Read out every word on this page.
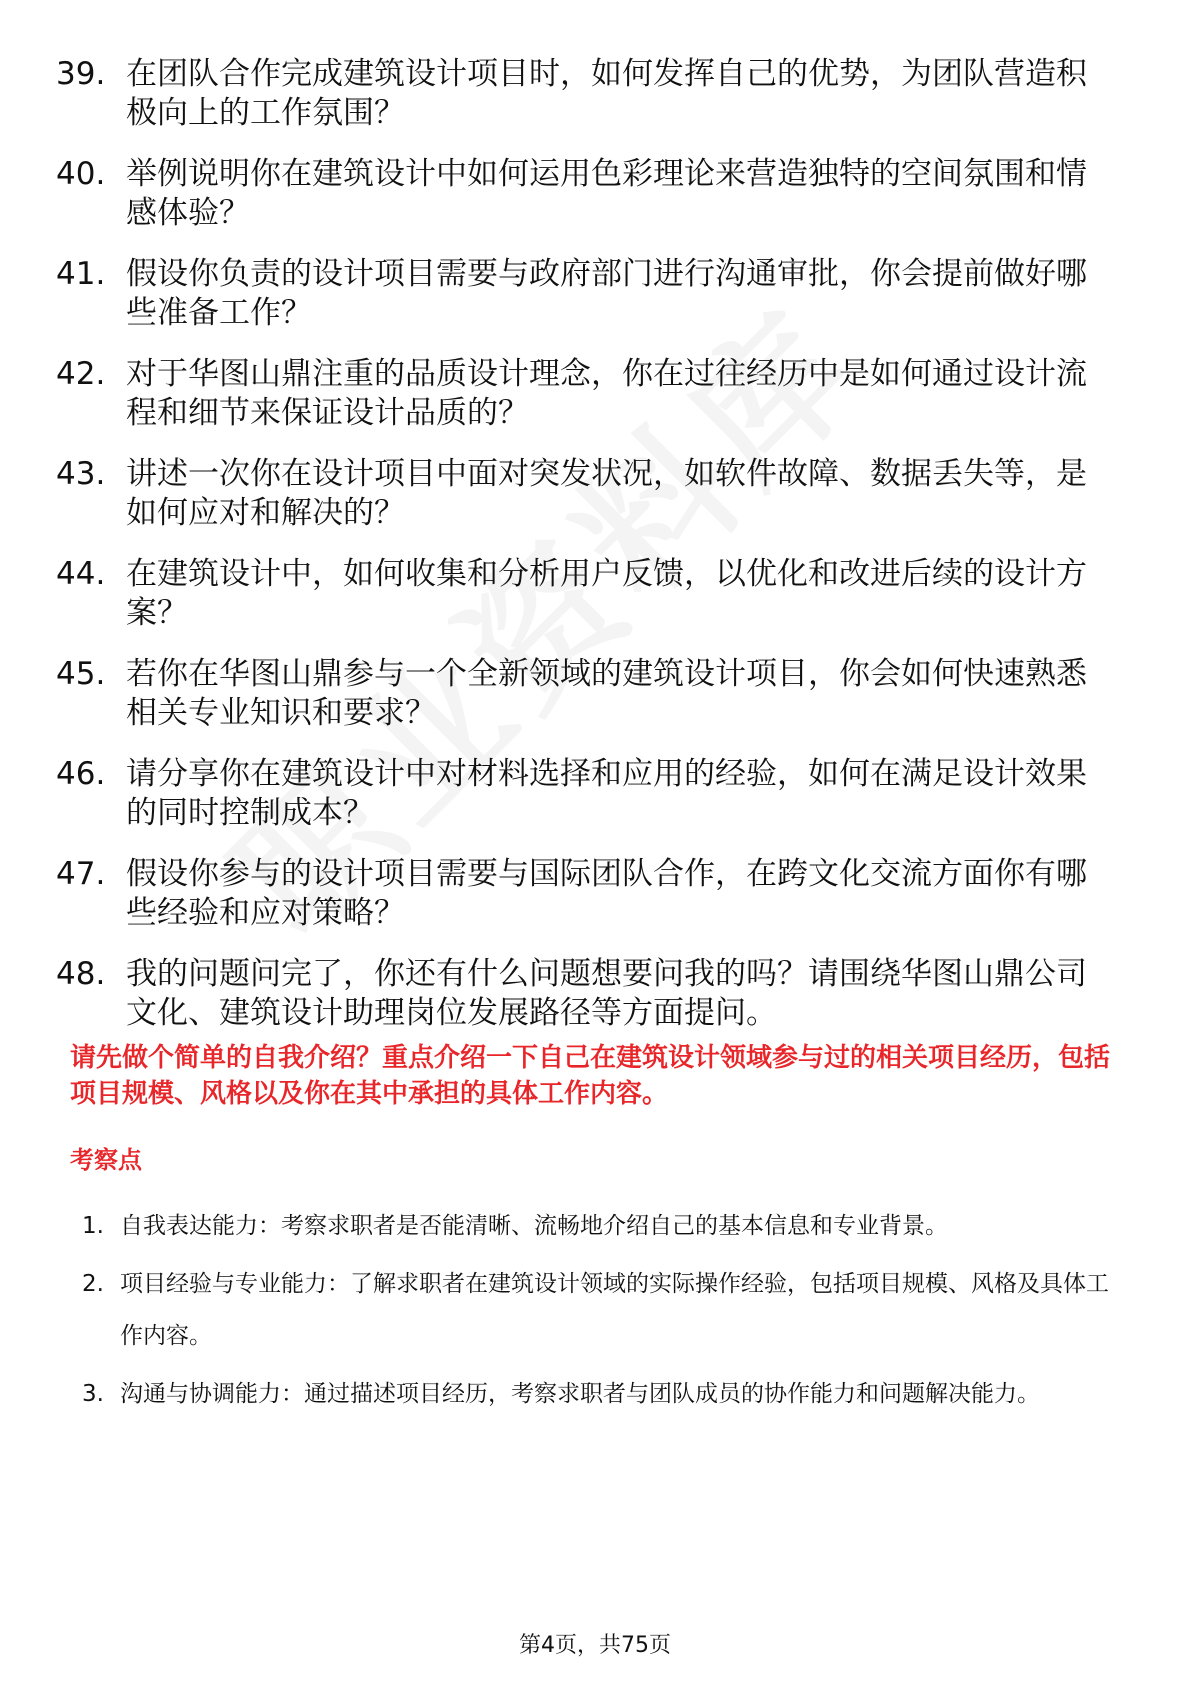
39. 在团队合作完成建筑设计项目时，如何发挥自己的优势，为团队营造积极向上的工作氛围？
40. 举例说明你在建筑设计中如何运用色彩理论来营造独特的空间氛围和情感体验？
41. 假设你负责的设计项目需要与政府部门进行沟通审批，你会提前做好哪些准备工作？
42. 对于华图山鼎注重的品质设计理念，你在过往经历中是如何通过设计流程和细节来保证设计品质的？
43. 讲述一次你在设计项目中面对突发状况，如软件故障、数据丢失等，是如何应对和解决的？
44. 在建筑设计中，如何收集和分析用户反馈，以优化和改进后续的设计方案？
45. 若你在华图山鼎参与一个全新领域的建筑设计项目，你会如何快速熟悉相关专业知识和要求？
46. 请分享你在建筑设计中对材料选择和应用的经验，如何在满足设计效果的同时控制成本？
47. 假设你参与的设计项目需要与国际团队合作，在跨文化交流方面你有哪些经验和应对策略？
48. 我的问题问完了，你还有什么问题想要问我的吗？请围绕华图山鼎公司文化、建筑设计助理岗位发展路径等方面提问。
请先做个简单的自我介绍？重点介绍一下自己在建筑设计领域参与过的相关项目经历，包括项目规模、风格以及你在其中承担的具体工作内容。
考察点
1. 自我表达能力：考察求职者是否能清晰、流畅地介绍自己的基本信息和专业背景。
2. 项目经验与专业能力：了解求职者在建筑设计领域的实际操作经验，包括项目规模、风格及具体工作内容。
3. 沟通与协调能力：通过描述项目经历，考察求职者与团队成员的协作能力和问题解决能力。
第4页，共75页
